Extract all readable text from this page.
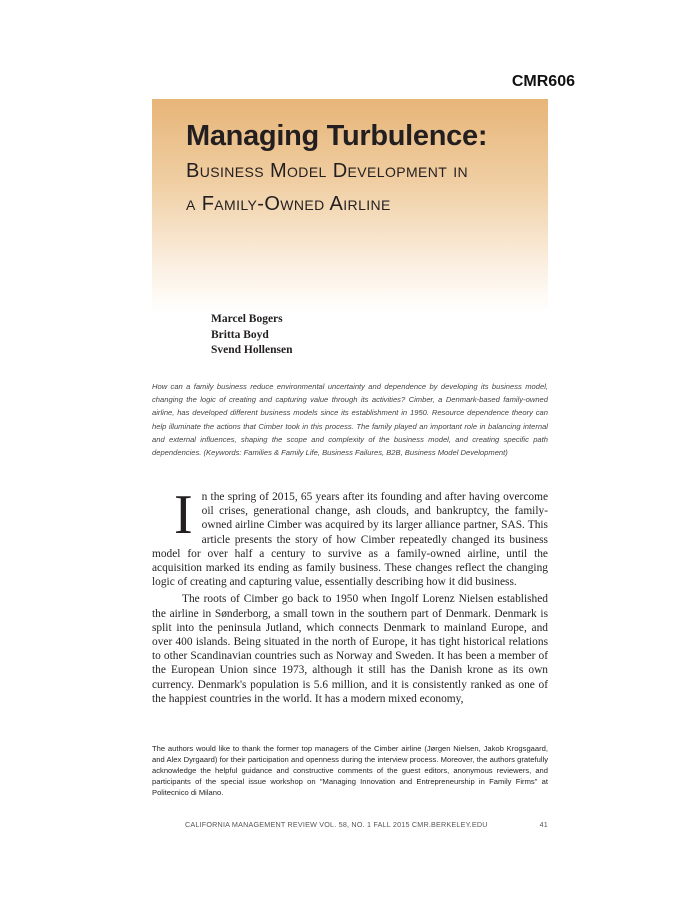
CMR606
Managing Turbulence:
Business Model Development in
a Family-Owned Airline
Marcel Bogers
Britta Boyd
Svend Hollensen
How can a family business reduce environmental uncertainty and dependence by developing its business model, changing the logic of creating and capturing value through its activities? Cimber, a Denmark-based family-owned airline, has developed different business models since its establishment in 1950. Resource dependence theory can help illuminate the actions that Cimber took in this process. The family played an important role in balancing internal and external influences, shaping the scope and complexity of the business model, and creating specific path dependencies. (Keywords: Families & Family Life, Business Failures, B2B, Business Model Development)

I n the spring of 2015, 65 years after its founding and after having overcome oil crises, generational change, ash clouds, and bankruptcy, the family-owned airline Cimber was acquired by its larger alliance partner, SAS. This article presents the story of how Cimber repeatedly changed its business model for over half a century to survive as a family-owned airline, until the acquisition marked its ending as family business. These changes reflect the changing logic of creating and capturing value, essentially describing how it did business.

The roots of Cimber go back to 1950 when Ingolf Lorenz Nielsen established the airline in Sønderborg, a small town in the southern part of Denmark. Denmark is split into the peninsula Jutland, which connects Denmark to mainland Europe, and over 400 islands. Being situated in the north of Europe, it has tight historical relations to other Scandinavian countries such as Norway and Sweden. It has been a member of the European Union since 1973, although it still has the Danish krone as its own currency. Denmark's population is 5.6 million, and it is consistently ranked as one of the happiest countries in the world. It has a modern mixed economy,

The authors would like to thank the former top managers of the Cimber airline (Jørgen Nielsen, Jakob Krogsgaard, and Alex Dyrgaard) for their participation and openness during the interview process. Moreover, the authors gratefully acknowledge the helpful guidance and constructive comments of the guest editors, anonymous reviewers, and participants of the special issue workshop on "Managing Innovation and Entrepreneurship in Family Firms" at Politecnico di Milano.
CALIFORNIA MANAGEMENT REVIEW VOL. 58, NO. 1 FALL 2015 CMR.BERKELEY.EDU	41
